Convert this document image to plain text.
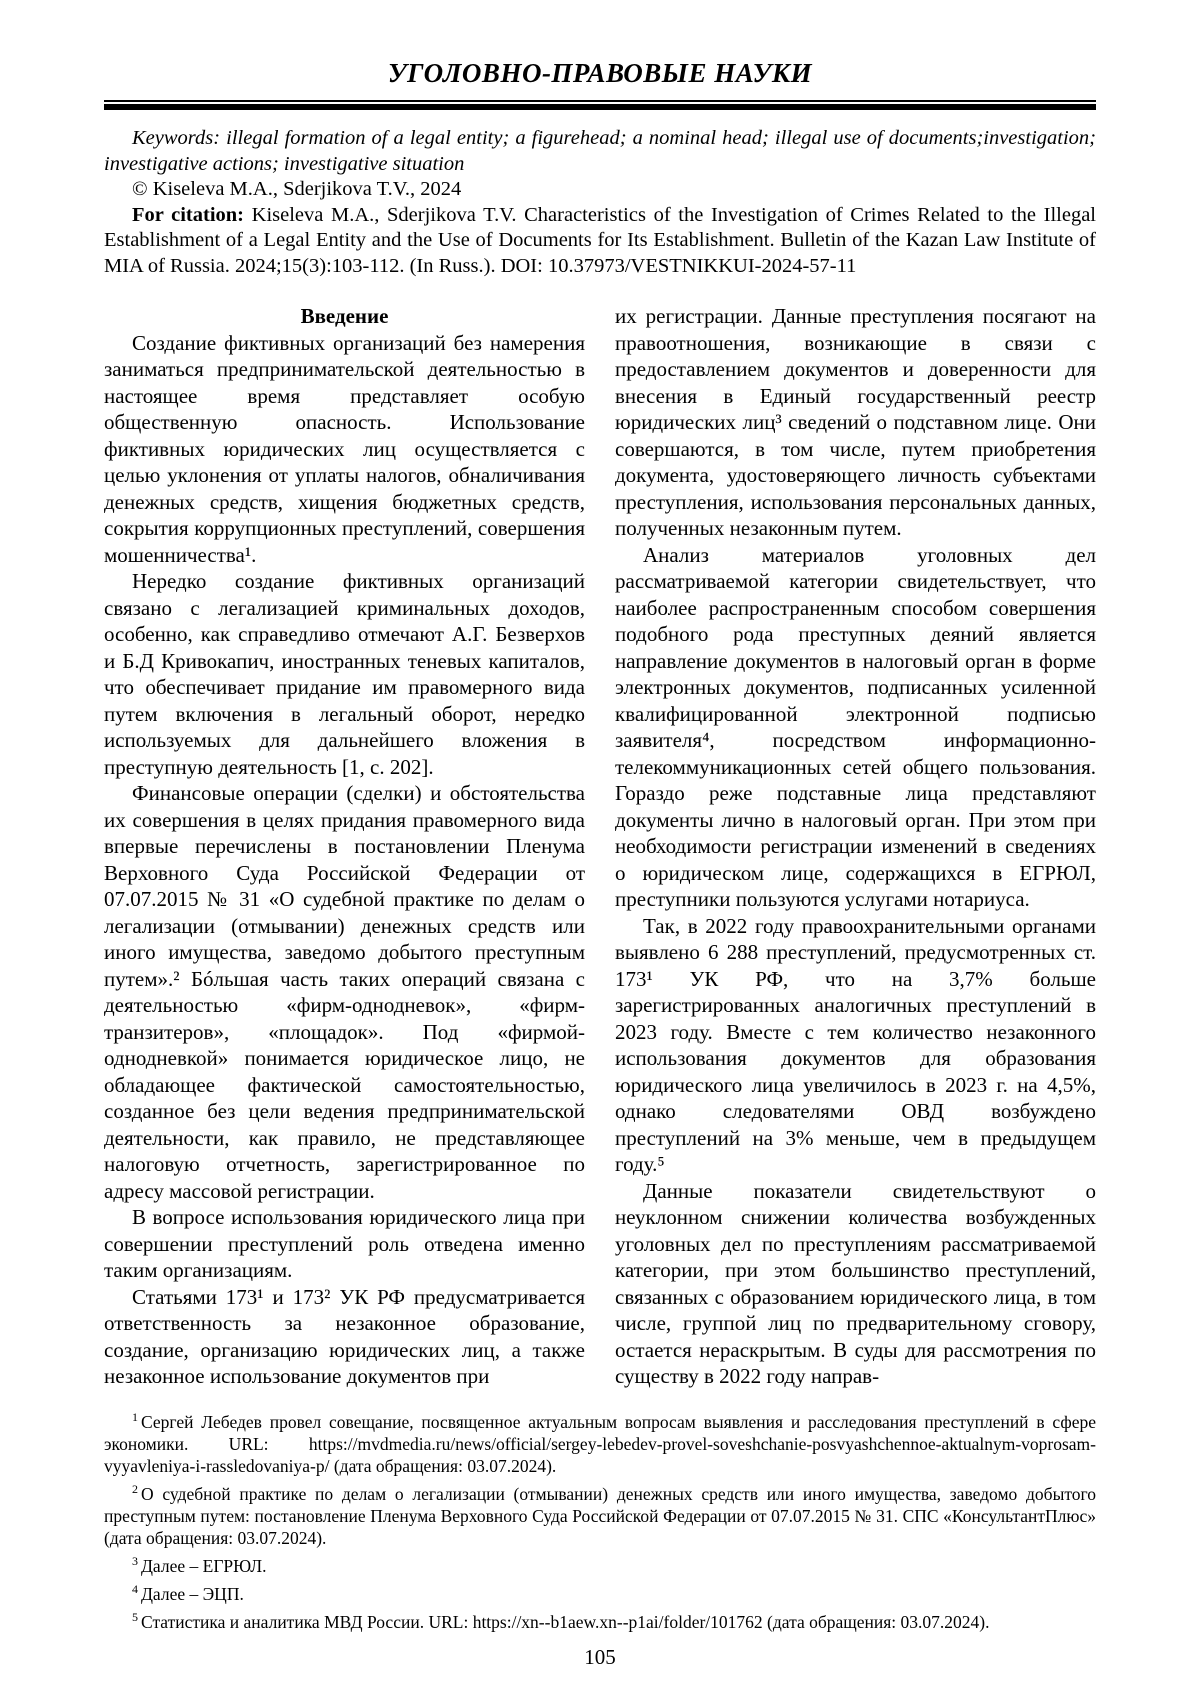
УГОЛОВНО-ПРАВОВЫЕ НАУКИ

Keywords: illegal formation of a legal entity; a figurehead; a nominal head; illegal use of documents;investigation; investigative actions; investigative situation

© Kiseleva M.A., Sderjikova T.V., 2024

For citation: Kiseleva M.A., Sderjikova T.V. Characteristics of the Investigation of Crimes Related to the Illegal Establishment of a Legal Entity and the Use of Documents for Its Establishment. Bulletin of the Kazan Law Institute of MIA of Russia. 2024;15(3):103-112. (In Russ.). DOI: 10.37973/VESTNIKKUI-2024-57-11

Введение

Создание фиктивных организаций без намерения заниматься предпринимательской деятельностью в настоящее время представляет особую общественную опасность. Использование фиктивных юридических лиц осуществляется с целью уклонения от уплаты налогов, обналичивания денежных средств, хищения бюджетных средств, сокрытия коррупционных преступлений, совершения мошенничества¹.

Нередко создание фиктивных организаций связано с легализацией криминальных доходов, особенно, как справедливо отмечают А.Г. Безверхов и Б.Д Кривокапич, иностранных теневых капиталов, что обеспечивает придание им правомерного вида путем включения в легальный оборот, нередко используемых для дальнейшего вложения в преступную деятельность [1, с. 202].

Финансовые операции (сделки) и обстоятельства их совершения в целях придания правомерного вида впервые перечислены в постановлении Пленума Верховного Суда Российской Федерации от 07.07.2015 № 31 «О судебной практике по делам о легализации (отмывании) денежных средств или иного имущества, заведомо добытого преступным путем».² Бóльшая часть таких операций связана с деятельностью «фирм-однодневок», «фирм-транзитеров», «площадок». Под «фирмой-однодневкой» понимается юридическое лицо, не обладающее фактической самостоятельностью, созданное без цели ведения предпринимательской деятельности, как правило, не представляющее налоговую отчетность, зарегистрированное по адресу массовой регистрации.

В вопросе использования юридического лица при совершении преступлений роль отведена именно таким организациям.

Статьями 173¹ и 173² УК РФ предусматривается ответственность за незаконное образование, создание, организацию юридических лиц, а также незаконное использование документов при

их регистрации. Данные преступления посягают на правоотношения, возникающие в связи с предоставлением документов и доверенности для внесения в Единый государственный реестр юридических лиц³ сведений о подставном лице. Они совершаются, в том числе, путем приобретения документа, удостоверяющего личность субъектами преступления, использования персональных данных, полученных незаконным путем.

Анализ материалов уголовных дел рассматриваемой категории свидетельствует, что наиболее распространенным способом совершения подобного рода преступных деяний является направление документов в налоговый орган в форме электронных документов, подписанных усиленной квалифицированной электронной подписью заявителя⁴, посредством информационно-телекоммуникационных сетей общего пользования. Гораздо реже подставные лица представляют документы лично в налоговый орган. При этом при необходимости регистрации изменений в сведениях о юридическом лице, содержащихся в ЕГРЮЛ, преступники пользуются услугами нотариуса.

Так, в 2022 году правоохранительными органами выявлено 6 288 преступлений, предусмотренных ст. 173¹ УК РФ, что на 3,7% больше зарегистрированных аналогичных преступлений в 2023 году. Вместе с тем количество незаконного использования документов для образования юридического лица увеличилось в 2023 г. на 4,5%, однако следователями ОВД возбуждено преступлений на 3% меньше, чем в предыдущем году.⁵

Данные показатели свидетельствуют о неуклонном снижении количества возбужденных уголовных дел по преступлениям рассматриваемой категории, при этом большинство преступлений, связанных с образованием юридического лица, в том числе, группой лиц по предварительному сговору, остается нераскрытым. В суды для рассмотрения по существу в 2022 году направ-

$^1$ Сергей Лебедев провел совещание, посвященное актуальным вопросам выявления и расследования преступлений в сфере экономики. URL: https://mvdmedia.ru/news/official/sergey-lebedev-provel-soveshchanie-posvyashchennoe-aktualnym-voprosam-vyyavleniya-i-rassledovaniya-p/ (дата обращения: 03.07.2024).

$^2$ О судебной практике по делам о легализации (отмывании) денежных средств или иного имущества, заведомо добытого преступным путем: постановление Пленума Верховного Суда Российской Федерации от 07.07.2015 № 31. СПС «КонсультантПлюс» (дата обращения: 03.07.2024).

$^3$ Далее – ЕГРЮЛ.

$^4$ Далее – ЭЦП.

$^5$ Статистика и аналитика МВД России. URL: https://xn--b1aew.xn--p1ai/folder/101762 (дата обращения: 03.07.2024).

105
